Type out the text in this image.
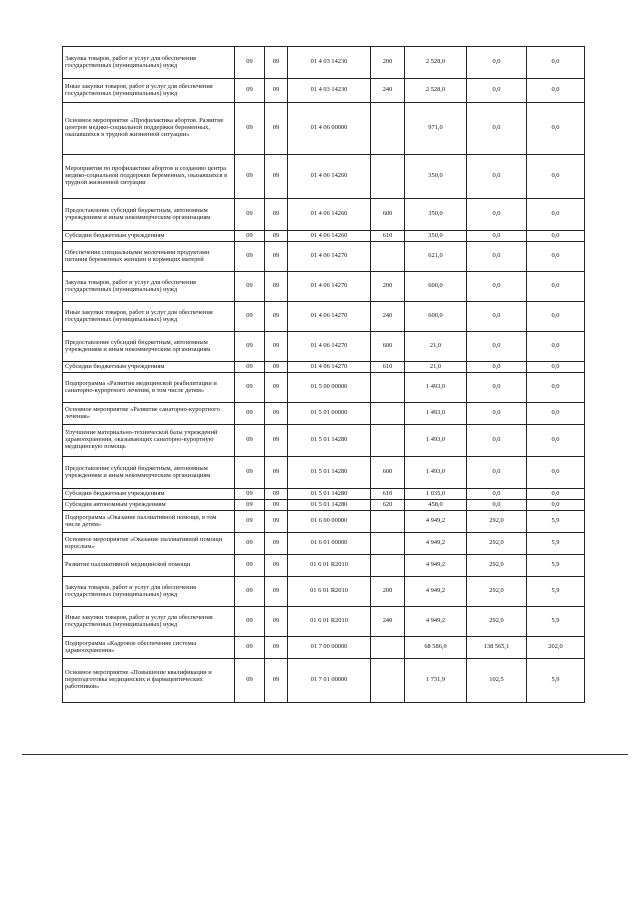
Закупка товаров, работ и услуг для обеспечения государственных (муниципальных) нужд	09	09	01 4 03 14230	200	2 528,0	0,0	0,0
Иные закупки товаров, работ и услуг для обеспечения государственных (муниципальных) нужд	09	09	01 4 03 14230	240	2 528,0	0,0	0,0
Основное мероприятие «Профилактика абортов. Развитие центров медико-социальной поддержки беременных, оказавшихся в трудной жизненной ситуации»	09	09	01 4 06 00000		971,0	0,0	0,0
Мероприятия по профилактике абортов и созданию центра медико-социальной поддержки беременных, оказавшихся в трудной жизненной ситуации	09	09	01 4 06 14260		350,0	0,0	0,0
Предоставление субсидий бюджетным, автономным учреждениям и иным некоммерческим организациям	09	09	01 4 06 14260	600	350,0	0,0	0,0
Субсидии бюджетным учреждениям	09	09	01 4 06 14260	610	350,0	0,0	0,0
Обеспечение специальными молочными продуктами питания беременных женщин и кормящих матерей	09	09	01 4 06 14270		621,0	0,0	0,0
Закупка товаров, работ и услуг для обеспечения государственных (муниципальных) нужд	09	09	01 4 06 14270	200	600,0	0,0	0,0
Иные закупки товаров, работ и услуг для обеспечения государственных (муниципальных) нужд	09	09	01 4 06 14270	240	600,0	0,0	0,0
Предоставление субсидий бюджетным, автономным учреждениям и иным некоммерческим организациям	09	09	01 4 06 14270	600	21,0	0,0	0,0
Субсидии бюджетным учреждениям	09	09	01 4 06 14270	610	21,0	0,0	0,0
Подпрограмма «Развитие медицинской реабилитации и санаторно-курортного лечения, в том числе детям»	09	09	01 5 00 00000		1 493,0	0,0	0,0
Основное мероприятие «Развитие санаторно-курортного лечения»	09	09	01 5 01 00000		1 493,0	0,0	0,0
Улучшение материально-технической базы учреждений здравоохранения, оказывающих санаторно-курортную медицинскую помощь	09	09	01 5 01 14280		1 493,0	0,0	0,0
Предоставление субсидий бюджетным, автономным учреждениям и иным некоммерческим организациям	09	09	01 5 01 14280	600	1 493,0	0,0	0,0
Субсидии бюджетным учреждениям	09	09	01 5 01 14280	610	1 035,0	0,0	0,0
Субсидии автономным учреждениям	09	09	01 5 01 14280	620	458,0	0,0	0,0
Подпрограмма «Оказание паллиативной помощи, в том числе детям»	09	09	01 6 00 00000		4 949,2	292,0	5,9
Основное мероприятие «Оказание паллиативной помощи взрослым»	09	09	01 6 01 00000		4 949,2	292,0	5,9
Развитие паллиативной медицинской помощи	09	09	01 6 01 R2010		4 949,2	292,0	5,9
Закупка товаров, работ и услуг для обеспечения государственных (муниципальных) нужд	09	09	01 6 01 R2010	200	4 949,2	292,0	5,9
Иные закупки товаров, работ и услуг для обеспечения государственных (муниципальных) нужд	09	09	01 6 01 R2010	240	4 949,2	292,0	5,9
Подпрограмма «Кадровое обеспечение системы здравоохранения»	09	09	01 7 00 00000		68 586,9	138 565,1	202,0
Основное мероприятие «Повышение квалификации и переподготовка медицинских и фармацевтических работников»	09	09	01 7 01 00000		1 731,9	102,5	5,9
